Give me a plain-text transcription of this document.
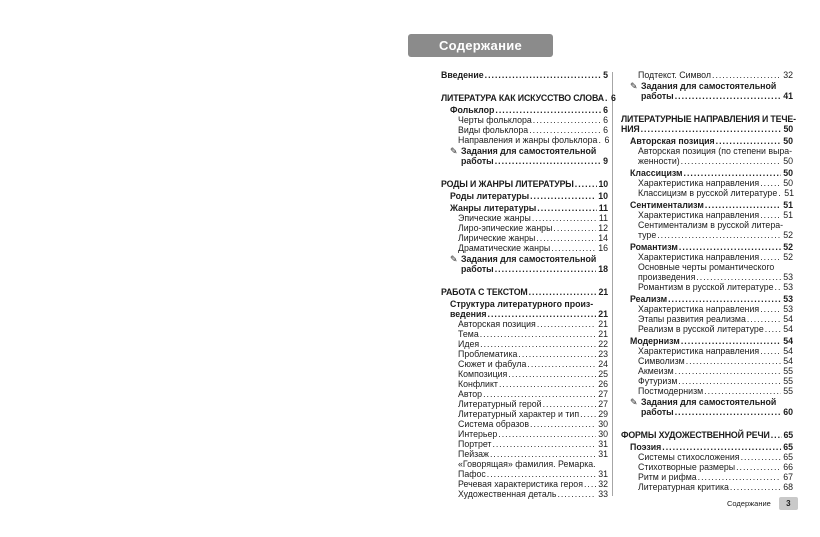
Содержание
Введение .....	5
ЛИТЕРАТУРА КАК ИСКУССТВО СЛОВА ..... 6
Фольклор .....	6
Черты фольклора .....	6
Виды фольклора .....	6
Направления и жанры фольклора ..... 6
✎ Задания для самостоятельной
работы .....	9
РОДЫ И ЖАНРЫ ЛИТЕРАТУРЫ .....	10
Роды литературы .....	10
Жанры литературы .....	11
Эпические жанры .....	11
Лиро-эпические жанры .....	12
Лирические жанры .....	14
Драматические жанры .....	16
✎ Задания для самостоятельной
работы .....	18
РАБОТА С ТЕКСТОМ .....	21
Структура литературного произ-
ведения .....	21
Авторская позиция .....	21
Тема .....	21
Идея .....	22
Проблематика .....	23
Сюжет и фабула .....	24
Композиция .....	25
Конфликт .....	26
Автор .....	27
Литературный герой .....	27
Литературный характер и тип ..... 29
Система образов .....	30
Интерьер .....	30
Портрет .....	31
Пейзаж .....	31
«Говорящая» фамилия. Ремарка.
Пафос .....	31
Речевая характеристика героя ..... 32
Художественная деталь .....	33
Подтекст. Символ .....	32
✎ Задания для самостоятельной
работы .....	41
ЛИТЕРАТУРНЫЕ НАПРАВЛЕНИЯ И ТЕЧЕ-
НИЯ .....	50
Авторская позиция .....	50
Авторская позиция (по степени выра-
женности) .....	50
Классицизм .....	50
Характеристика направления .....	50
Классицизм в русской литературе ..... 51
Сентиментализм .....	51
Характеристика направления .....	51
Сентиментализм в русской литера-
туре .....	52
Романтизм .....	52
Характеристика направления .....	52
Основные черты романтического
произведения .....	53
Романтизм в русской литературе ..... 53
Реализм .....	53
Характеристика направления .....	53
Этапы развития реализма .....	54
Реализм в русской литературе ..... 54
Модернизм .....	54
Характеристика направления .....	54
Символизм .....	54
Акмеизм .....	55
Футуризм .....	55
Постмодернизм .....	55
✎ Задания для самостоятельной
работы .....	60
ФОРМЫ ХУДОЖЕСТВЕННОЙ РЕЧИ ..... 65
Поэзия .....	65
Системы стихосложения .....	65
Стихотворные размеры .....	66
Ритм и рифма .....	67
Литературная критика .....	68
Содержание	3
